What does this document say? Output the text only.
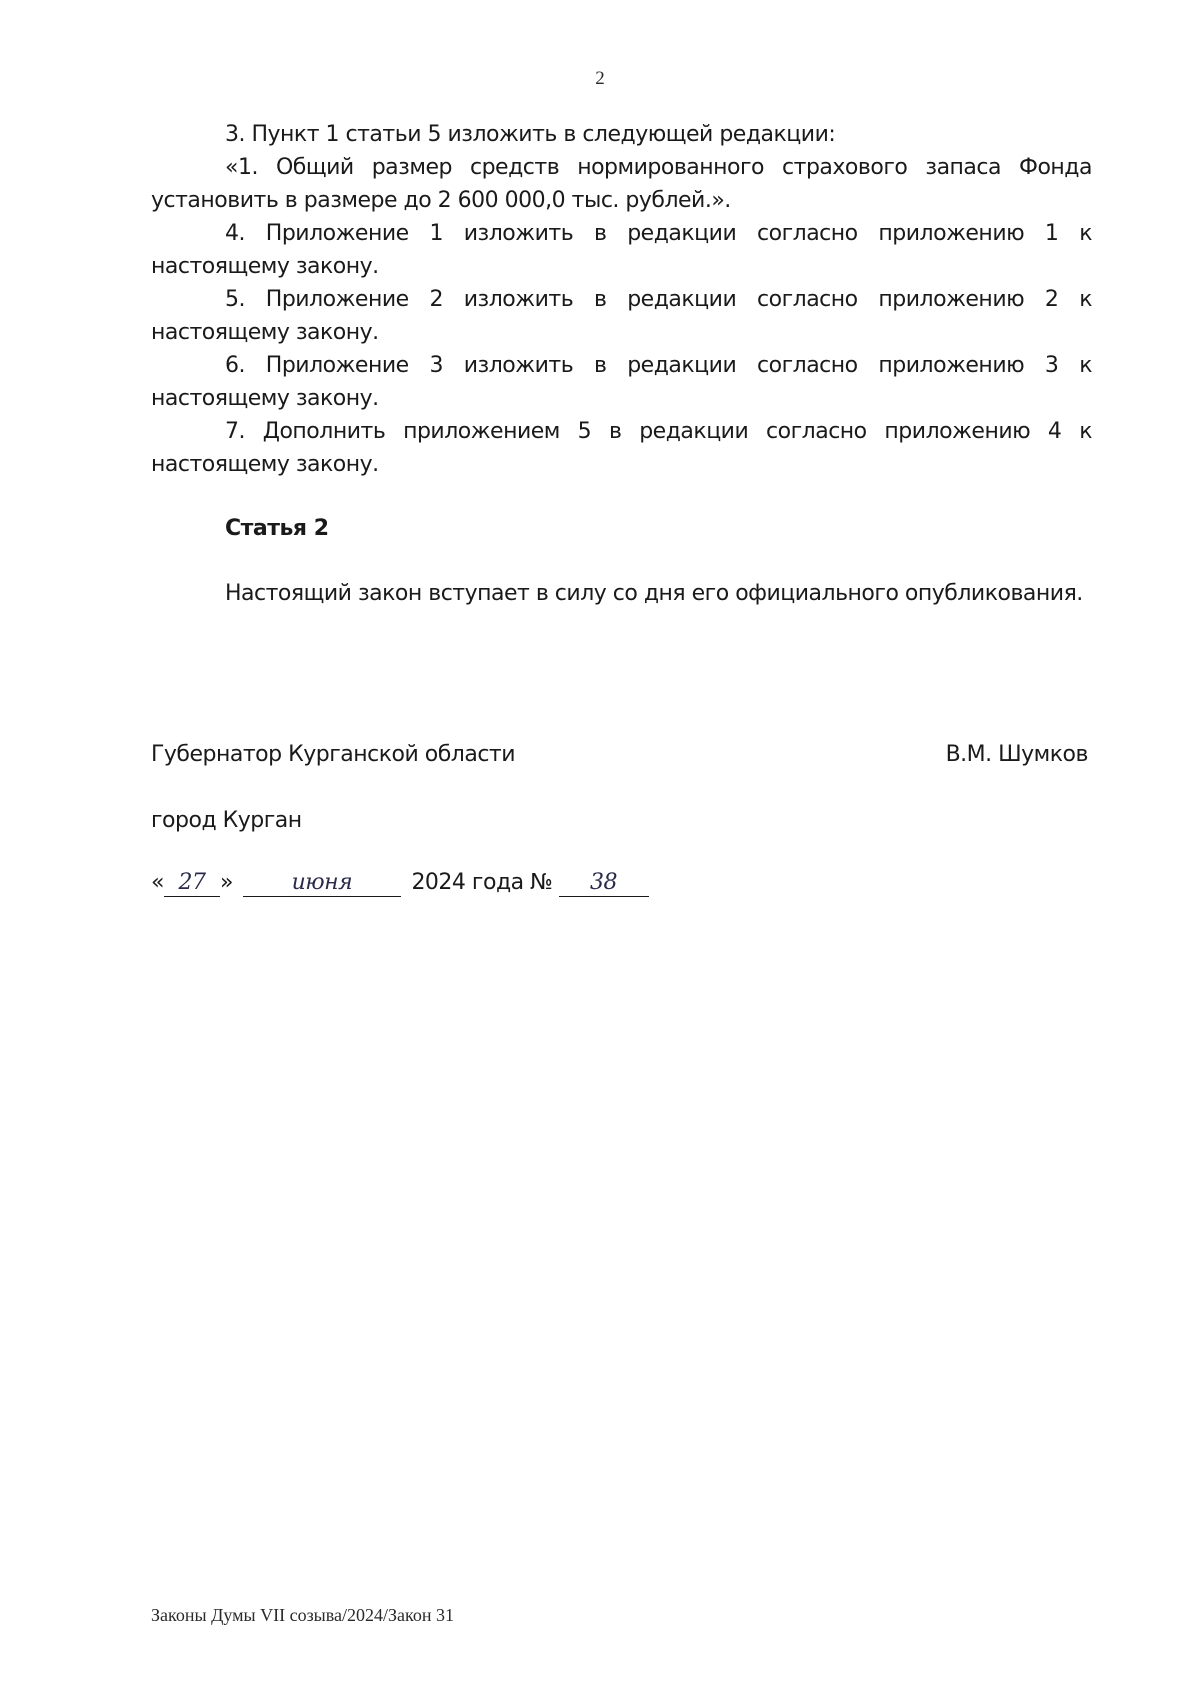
2

3. Пункт 1 статьи 5 изложить в следующей редакции:

«1. Общий размер средств нормированного страхового запаса Фонда установить в размере до 2 600 000,0 тыс. рублей.».

4. Приложение 1 изложить в редакции согласно приложению 1 к настоящему закону.

5. Приложение 2 изложить в редакции согласно приложению 2 к настоящему закону.

6. Приложение 3 изложить в редакции согласно приложению 3 к настоящему закону.

7. Дополнить приложением 5 в редакции согласно приложению 4 к настоящему закону.

Статья 2

Настоящий закон вступает в силу со дня его официального опубликования.

Губернатор Курганской области	В.М. Шумков
город Курган
« 27 »	июня	2024 года № 38
Законы Думы VII созыва/2024/Закон 31
